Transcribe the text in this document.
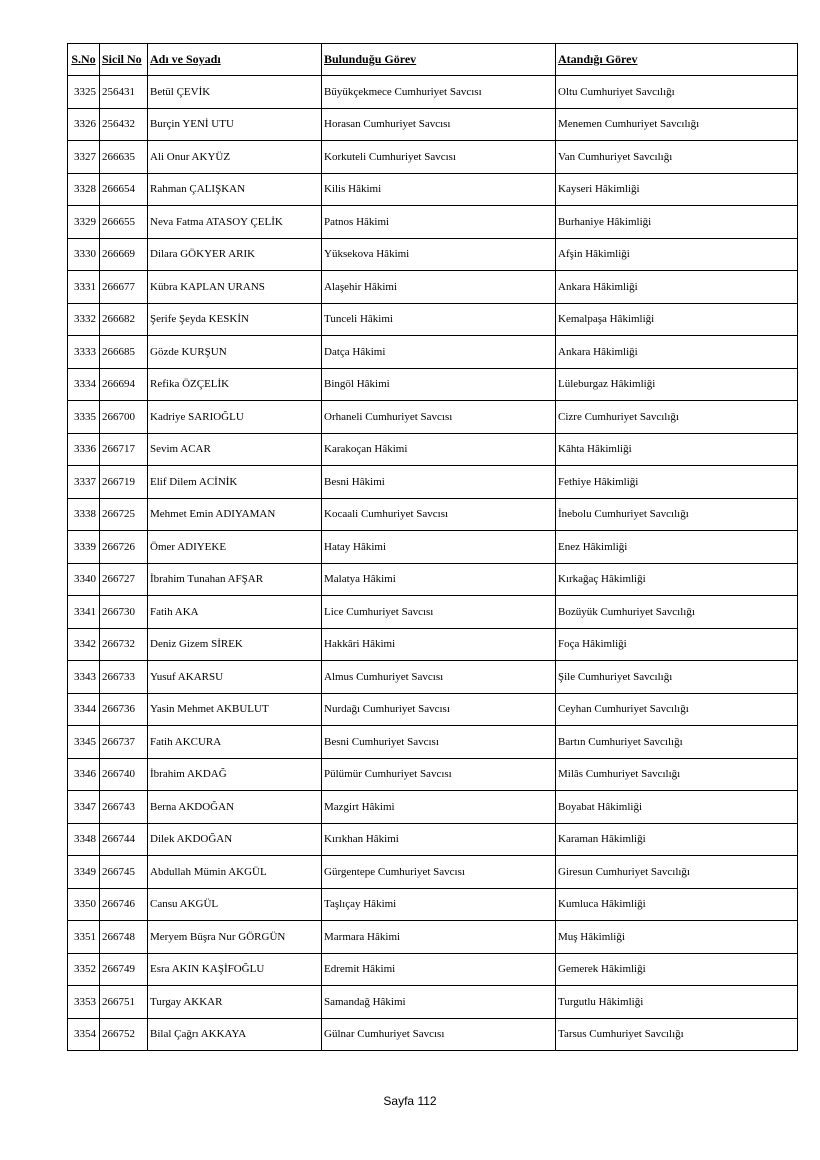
S.No	Sicil No	Adı ve Soyadı	Bulunduğu Görev	Atandığı Görev
3325	256431	Betül ÇEVİK	Büyükçekmece Cumhuriyet Savcısı	Oltu Cumhuriyet Savcılığı
3326	256432	Burçin YENİ UTU	Horasan Cumhuriyet Savcısı	Menemen Cumhuriyet Savcılığı
3327	266635	Ali Onur AKYÜZ	Korkuteli Cumhuriyet Savcısı	Van Cumhuriyet Savcılığı
3328	266654	Rahman ÇALIŞKAN	Kilis Hâkimi	Kayseri Hâkimliği
3329	266655	Neva Fatma ATASOY ÇELİK	Patnos Hâkimi	Burhaniye Hâkimliği
3330	266669	Dilara GÖKYER ARIK	Yüksekova Hâkimi	Afşin Hâkimliği
3331	266677	Kübra KAPLAN URANS	Alaşehir Hâkimi	Ankara Hâkimliği
3332	266682	Şerife Şeyda KESKİN	Tunceli Hâkimi	Kemalpaşa Hâkimliği
3333	266685	Gözde KURŞUN	Datça Hâkimi	Ankara Hâkimliği
3334	266694	Refika ÖZÇELİK	Bingöl Hâkimi	Lüleburgaz Hâkimliği
3335	266700	Kadriye SARIOĞLU	Orhaneli Cumhuriyet Savcısı	Cizre Cumhuriyet Savcılığı
3336	266717	Sevim ACAR	Karakoçan Hâkimi	Kâhta Hâkimliği
3337	266719	Elif Dilem ACİNİK	Besni Hâkimi	Fethiye Hâkimliği
3338	266725	Mehmet Emin ADIYAMAN	Kocaali Cumhuriyet Savcısı	İnebolu Cumhuriyet Savcılığı
3339	266726	Ömer ADIYEKE	Hatay Hâkimi	Enez Hâkimliği
3340	266727	İbrahim Tunahan AFŞAR	Malatya Hâkimi	Kırkağaç Hâkimliği
3341	266730	Fatih AKA	Lice Cumhuriyet Savcısı	Bozüyük Cumhuriyet Savcılığı
3342	266732	Deniz Gizem SİREK	Hakkâri Hâkimi	Foça Hâkimliği
3343	266733	Yusuf AKARSU	Almus Cumhuriyet Savcısı	Şile Cumhuriyet Savcılığı
3344	266736	Yasin Mehmet AKBULUT	Nurdağı Cumhuriyet Savcısı	Ceyhan Cumhuriyet Savcılığı
3345	266737	Fatih AKCURA	Besni Cumhuriyet Savcısı	Bartın Cumhuriyet Savcılığı
3346	266740	İbrahim AKDAĞ	Pülümür Cumhuriyet Savcısı	Milâs Cumhuriyet Savcılığı
3347	266743	Berna AKDOĞAN	Mazgirt Hâkimi	Boyabat Hâkimliği
3348	266744	Dilek AKDOĞAN	Kırıkhan Hâkimi	Karaman Hâkimliği
3349	266745	Abdullah Mümin AKGÜL	Gürgentepe Cumhuriyet Savcısı	Giresun Cumhuriyet Savcılığı
3350	266746	Cansu AKGÜL	Taşlıçay Hâkimi	Kumluca Hâkimliği
3351	266748	Meryem Büşra Nur GÖRGÜN	Marmara Hâkimi	Muş Hâkimliği
3352	266749	Esra AKIN KAŞİFOĞLU	Edremit Hâkimi	Gemerek Hâkimliği
3353	266751	Turgay AKKAR	Samandağ Hâkimi	Turgutlu Hâkimliği
3354	266752	Bilal Çağrı AKKAYA	Gülnar Cumhuriyet Savcısı	Tarsus Cumhuriyet Savcılığı
Sayfa 112
